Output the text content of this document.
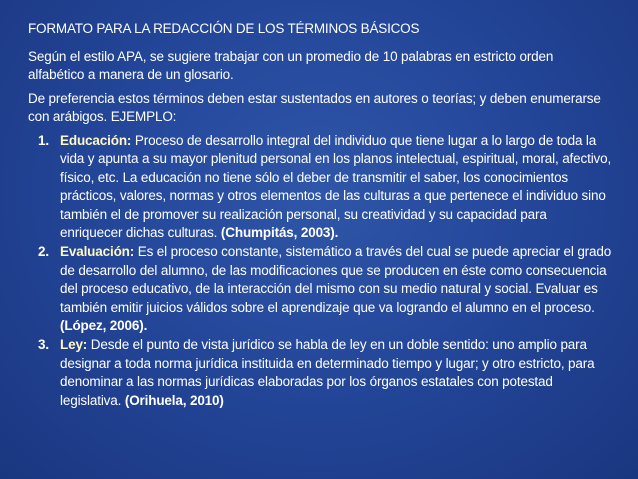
FORMATO PARA LA REDACCIÓN DE LOS TÉRMINOS BÁSICOS

Según el estilo APA, se sugiere trabajar con un promedio de 10 palabras en estricto orden alfabético a manera de un glosario.

De preferencia estos términos deben estar sustentados en autores o teorías; y deben enumerarse con arábigos. EJEMPLO:

1. Educación: Proceso de desarrollo integral del individuo que tiene lugar a lo largo de toda la vida y apunta a su mayor plenitud personal en los planos intelectual, espiritual, moral, afectivo, físico, etc. La educación no tiene sólo el deber de transmitir el saber, los conocimientos prácticos, valores, normas y otros elementos de las culturas a que pertenece el individuo sino también el de promover su realización personal, su creatividad y su capacidad para enriquecer dichas culturas. (Chumpitás, 2003).
2. Evaluación: Es el proceso constante, sistemático a través del cual se puede apreciar el grado de desarrollo del alumno, de las modificaciones que se producen en éste como consecuencia del proceso educativo, de la interacción del mismo con su medio natural y social. Evaluar es también emitir juicios válidos sobre el aprendizaje que va logrando el alumno en el proceso. (López, 2006).
3. Ley: Desde el punto de vista jurídico se habla de ley en un doble sentido: uno amplio para designar a toda norma jurídica instituida en determinado tiempo y lugar; y otro estricto, para denominar a las normas jurídicas elaboradas por los órganos estatales con potestad legislativa. (Orihuela, 2010)
